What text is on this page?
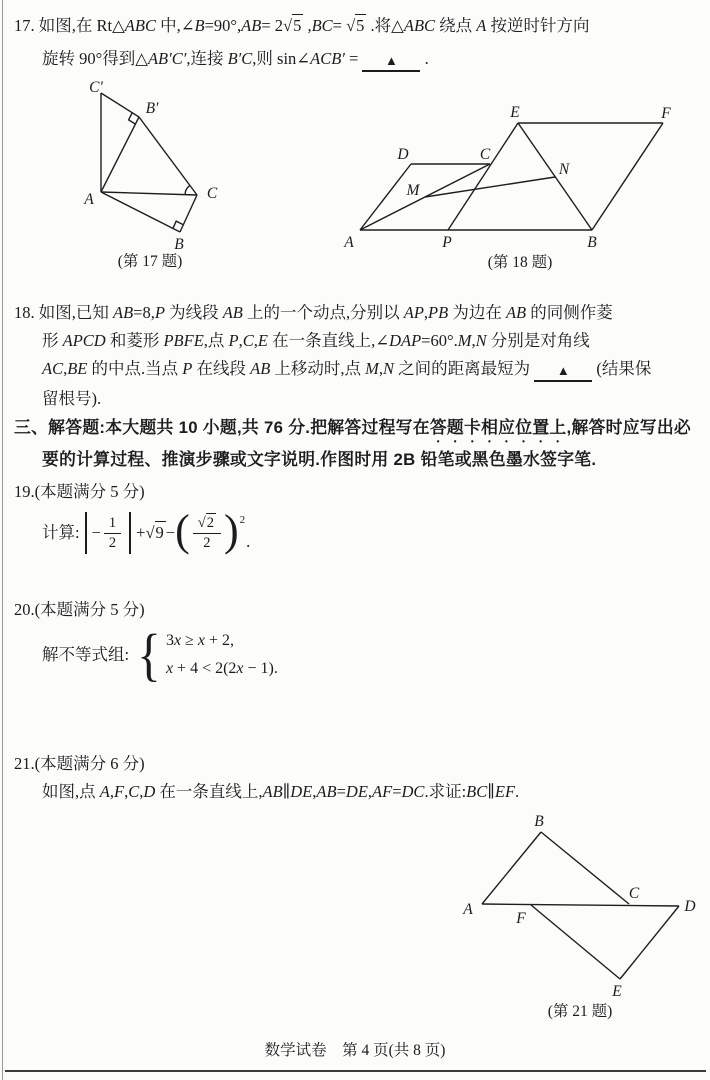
数学试卷　第 4 页(共 8 页)
17. 如图,在 Rt△ABC 中,∠B=90°,AB= 2√5 ,BC= √5 .将△ABC 绕点 A 按逆时针方向
旋转 90°得到△AB′C′,连接 B′C,则 sin∠ACB′ = ▲ .
18. 如图,已知 AB=8,P 为线段 AB 上的一个动点,分别以 AP,PB 为边在 AB 的同侧作菱
形 APCD 和菱形 PBFE,点 P,C,E 在一条直线上,∠DAP=60°.M,N 分别是对角线
AC,BE 的中点.当点 P 在线段 AB 上移动时,点 M,N 之间的距离最短为 ▲ (结果保
留根号).
三、解答题:本大题共 10 小题,共 76 分.把解答过程写在答题卡相应位置上,解答时应写出必
要的计算过程、推演步骤或文字说明.作图时用 2B 铅笔或黑色墨水签字笔.
19.(本题满分 5 分)
计算: − $\frac{1}{2} + √9$ − ( $\frac{√2}{2}$ ) 2
.
20.(本题满分 5 分)
解不等式组: { 3x ≥ x + 2,
x + 4 < 2(2x − 1).
21.(本题满分 6 分)
如图,点 A,F,C,D 在一条直线上,AB∥DE,AB=DE,AF=DC.求证:BC∥EF.
C′
B′
A	C
B
(第 17 题)
A	P	B
D	C
E	F
M
N
(第 18 题)
A
B
C
D
F
E
(第 21 题)
